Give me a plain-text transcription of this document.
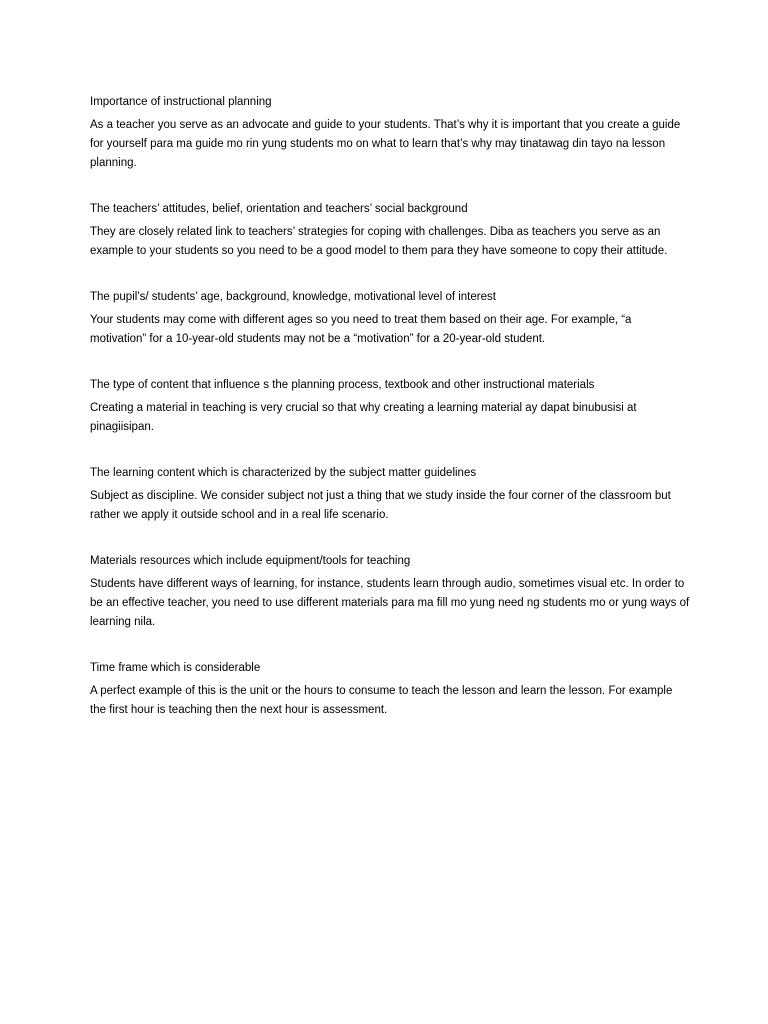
Importance of instructional planning

As a teacher you serve as an advocate and guide to your students. That’s why it is important that you create a guide for yourself para ma guide mo rin yung students mo on what to learn that’s why may tinatawag din tayo na lesson planning.

The teachers’ attitudes, belief, orientation and teachers’ social background

They are closely related link to teachers’ strategies for coping with challenges. Diba as teachers you serve as an example to your students so you need to be a good model to them para they have someone to copy their attitude.

The pupil’s/ students’ age, background, knowledge, motivational level of interest

Your students may come with different ages so you need to treat them based on their age. For example, “a motivation” for a 10-year-old students may not be a “motivation” for a 20-year-old student.

The type of content that influence s the planning process, textbook and other instructional materials

Creating a material in teaching is very crucial so that why creating a learning material ay dapat binubusisi at pinagiisipan.

The learning content which is characterized by the subject matter guidelines

Subject as discipline. We consider subject not just a thing that we study inside the four corner of the classroom but rather we apply it outside school and in a real life scenario.

Materials resources which include equipment/tools for teaching

Students have different ways of learning, for instance, students learn through audio, sometimes visual etc. In order to be an effective teacher, you need to use different materials para ma fill mo yung need ng students mo or yung ways of learning nila.

Time frame which is considerable

A perfect example of this is the unit or the hours to consume to teach the lesson and learn the lesson. For example the first hour is teaching then the next hour is assessment.
